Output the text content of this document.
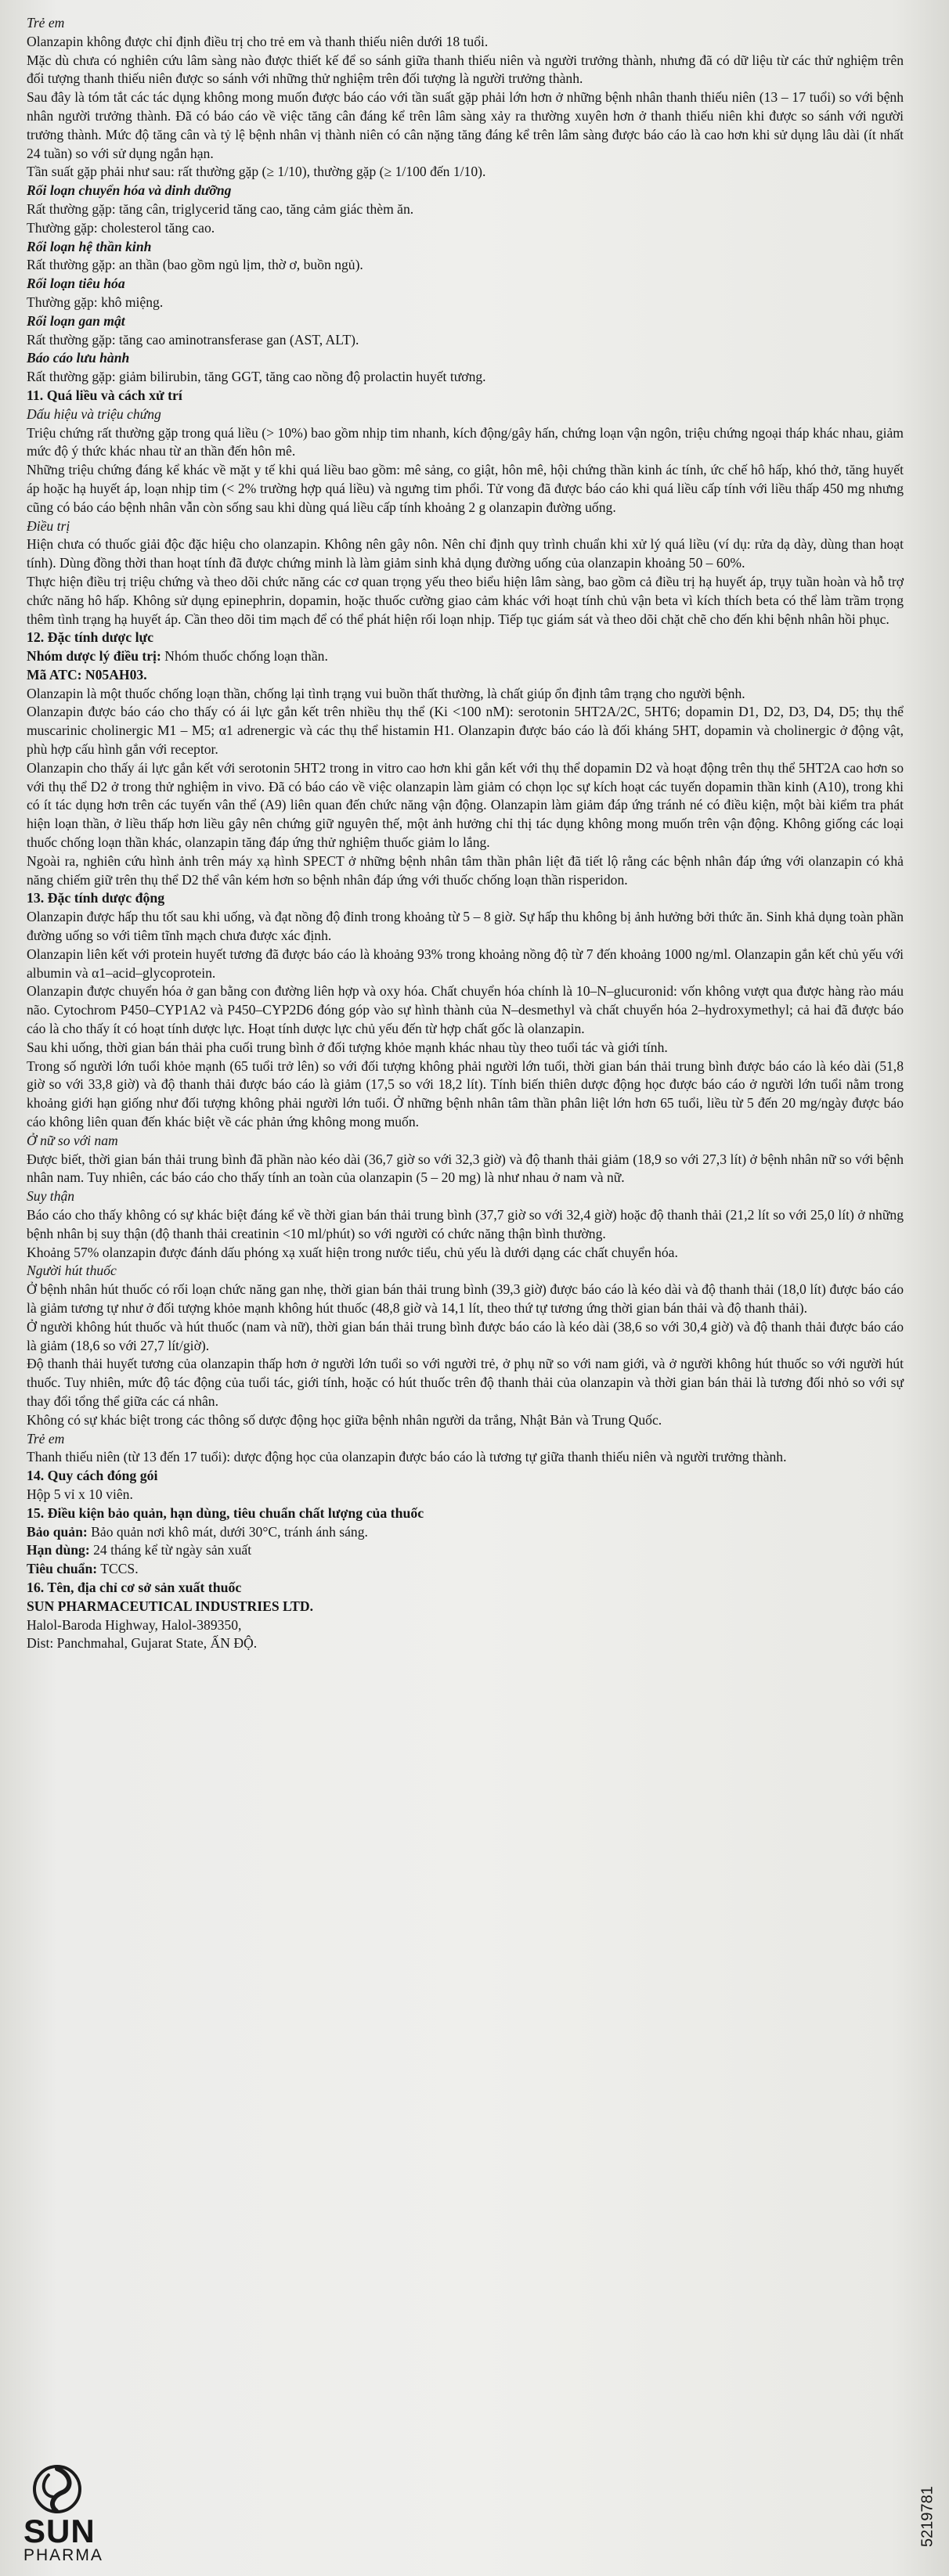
Trẻ em

Olanzapin không được chỉ định điều trị cho trẻ em và thanh thiếu niên dưới 18 tuổi.

Mặc dù chưa có nghiên cứu lâm sàng nào được thiết kế để so sánh giữa thanh thiếu niên và người trưởng thành, nhưng đã có dữ liệu từ các thử nghiệm trên đối tượng thanh thiếu niên được so sánh với những thử nghiệm trên đối tượng là người trưởng thành.

Sau đây là tóm tắt các tác dụng không mong muốn được báo cáo với tần suất gặp phải lớn hơn ở những bệnh nhân thanh thiếu niên (13 – 17 tuổi) so với bệnh nhân người trưởng thành. Đã có báo cáo về việc tăng cân đáng kể trên lâm sàng xảy ra thường xuyên hơn ở thanh thiếu niên khi được so sánh với người trưởng thành. Mức độ tăng cân và tỷ lệ bệnh nhân vị thành niên có cân nặng tăng đáng kể trên lâm sàng được báo cáo là cao hơn khi sử dụng lâu dài (ít nhất 24 tuần) so với sử dụng ngắn hạn.

Tần suất gặp phải như sau: rất thường gặp (≥ 1/10), thường gặp (≥ 1/100 đến 1/10).

Rối loạn chuyển hóa và dinh dưỡng

Rất thường gặp: tăng cân, triglycerid tăng cao, tăng cảm giác thèm ăn.

Thường gặp: cholesterol tăng cao.

Rối loạn hệ thần kinh

Rất thường gặp: an thần (bao gồm ngủ lịm, thờ ơ, buồn ngủ).

Rối loạn tiêu hóa

Thường gặp: khô miệng.

Rối loạn gan mật

Rất thường gặp: tăng cao aminotransferase gan (AST, ALT).

Báo cáo lưu hành

Rất thường gặp: giảm bilirubin, tăng GGT, tăng cao nồng độ prolactin huyết tương.

11. Quá liều và cách xử trí
Dấu hiệu và triệu chứng

Triệu chứng rất thường gặp trong quá liều (> 10%) bao gồm nhịp tim nhanh, kích động/gây hấn, chứng loạn vận ngôn, triệu chứng ngoại tháp khác nhau, giảm mức độ ý thức khác nhau từ an thần đến hôn mê.

Những triệu chứng đáng kể khác về mặt y tế khi quá liều bao gồm: mê sảng, co giật, hôn mê, hội chứng thần kinh ác tính, ức chế hô hấp, khó thở, tăng huyết áp hoặc hạ huyết áp, loạn nhịp tim (< 2% trường hợp quá liều) và ngưng tim phổi. Tử vong đã được báo cáo khi quá liều cấp tính với liều thấp 450 mg nhưng cũng có báo cáo bệnh nhân vẫn còn sống sau khi dùng quá liều cấp tính khoảng 2 g olanzapin đường uống.

Điều trị

Hiện chưa có thuốc giải độc đặc hiệu cho olanzapin. Không nên gây nôn. Nên chỉ định quy trình chuẩn khi xử lý quá liều (ví dụ: rửa dạ dày, dùng than hoạt tính). Dùng đồng thời than hoạt tính đã được chứng minh là làm giảm sinh khả dụng đường uống của olanzapin khoảng 50 – 60%.

Thực hiện điều trị triệu chứng và theo dõi chức năng các cơ quan trọng yếu theo biểu hiện lâm sàng, bao gồm cả điều trị hạ huyết áp, trụy tuần hoàn và hỗ trợ chức năng hô hấp. Không sử dụng epinephrin, dopamin, hoặc thuốc cường giao cảm khác với hoạt tính chủ vận beta vì kích thích beta có thể làm trầm trọng thêm tình trạng hạ huyết áp. Cần theo dõi tim mạch để có thể phát hiện rối loạn nhịp. Tiếp tục giám sát và theo dõi chặt chẽ cho đến khi bệnh nhân hồi phục.

12. Đặc tính dược lực

Nhóm dược lý điều trị: Nhóm thuốc chống loạn thần.

Mã ATC: N05AH03.

Olanzapin là một thuốc chống loạn thần, chống lại tình trạng vui buồn thất thường, là chất giúp ổn định tâm trạng cho người bệnh.

Olanzapin được báo cáo cho thấy có ái lực gắn kết trên nhiều thụ thể (Ki <100 nM): serotonin 5HT2A/2C, 5HT6; dopamin D1, D2, D3, D4, D5; thụ thể muscarinic cholinergic M1 – M5; α1 adrenergic và các thụ thể histamin H1. Olanzapin được báo cáo là đối kháng 5HT, dopamin và cholinergic ở động vật, phù hợp cấu hình gắn với receptor.

Olanzapin cho thấy ái lực gắn kết với serotonin 5HT2 trong in vitro cao hơn khi gắn kết với thụ thể dopamin D2 và hoạt động trên thụ thể 5HT2A cao hơn so với thụ thể D2 ở trong thử nghiệm in vivo. Đã có báo cáo về việc olanzapin làm giảm có chọn lọc sự kích hoạt các tuyến dopamin thần kinh (A10), trong khi có ít tác dụng hơn trên các tuyến vân thể (A9) liên quan đến chức năng vận động. Olanzapin làm giảm đáp ứng tránh né có điều kiện, một bài kiểm tra phát hiện loạn thần, ở liều thấp hơn liều gây nên chứng giữ nguyên thế, một ảnh hưởng chỉ thị tác dụng không mong muốn trên vận động. Không giống các loại thuốc chống loạn thần khác, olanzapin tăng đáp ứng thử nghiệm thuốc giảm lo lắng.

Ngoài ra, nghiên cứu hình ảnh trên máy xạ hình SPECT ở những bệnh nhân tâm thần phân liệt đã tiết lộ rằng các bệnh nhân đáp ứng với olanzapin có khả năng chiếm giữ trên thụ thể D2 thể vân kém hơn so bệnh nhân đáp ứng với thuốc chống loạn thần risperidon.

13. Đặc tính dược động

Olanzapin được hấp thu tốt sau khi uống, và đạt nồng độ đỉnh trong khoảng từ 5 – 8 giờ. Sự hấp thu không bị ảnh hưởng bởi thức ăn. Sinh khả dụng toàn phần đường uống so với tiêm tĩnh mạch chưa được xác định.

Olanzapin liên kết với protein huyết tương đã được báo cáo là khoảng 93% trong khoảng nồng độ từ 7 đến khoảng 1000 ng/ml. Olanzapin gắn kết chủ yếu với albumin và α1–acid–glycoprotein.

Olanzapin được chuyển hóa ở gan bằng con đường liên hợp và oxy hóa. Chất chuyển hóa chính là 10–N–glucuronid: vốn không vượt qua được hàng rào máu não. Cytochrom P450–CYP1A2 và P450–CYP2D6 đóng góp vào sự hình thành của N–desmethyl và chất chuyển hóa 2–hydroxymethyl; cả hai đã được báo cáo là cho thấy ít có hoạt tính dược lực. Hoạt tính dược lực chủ yếu đến từ hợp chất gốc là olanzapin.

Sau khi uống, thời gian bán thải pha cuối trung bình ở đối tượng khỏe mạnh khác nhau tùy theo tuổi tác và giới tính.

Trong số người lớn tuổi khỏe mạnh (65 tuổi trở lên) so với đối tượng không phải người lớn tuổi, thời gian bán thải trung bình được báo cáo là kéo dài (51,8 giờ so với 33,8 giờ) và độ thanh thải được báo cáo là giảm (17,5 so với 18,2 lít). Tính biến thiên dược động học được báo cáo ở người lớn tuổi nằm trong khoảng giới hạn giống như đối tượng không phải người lớn tuổi. Ở những bệnh nhân tâm thần phân liệt lớn hơn 65 tuổi, liều từ 5 đến 20 mg/ngày được báo cáo không liên quan đến khác biệt về các phản ứng không mong muốn.

Ở nữ so với nam

Được biết, thời gian bán thải trung bình đã phần nào kéo dài (36,7 giờ so với 32,3 giờ) và độ thanh thải giảm (18,9 so với 27,3 lít) ở bệnh nhân nữ so với bệnh nhân nam. Tuy nhiên, các báo cáo cho thấy tính an toàn của olanzapin (5 – 20 mg) là như nhau ở nam và nữ.

Suy thận

Báo cáo cho thấy không có sự khác biệt đáng kể về thời gian bán thải trung bình (37,7 giờ so với 32,4 giờ) hoặc độ thanh thải (21,2 lít so với 25,0 lít) ở những bệnh nhân bị suy thận (độ thanh thải creatinin <10 ml/phút) so với người có chức năng thận bình thường.

Khoảng 57% olanzapin được đánh dấu phóng xạ xuất hiện trong nước tiểu, chủ yếu là dưới dạng các chất chuyển hóa.

Người hút thuốc

Ở bệnh nhân hút thuốc có rối loạn chức năng gan nhẹ, thời gian bán thải trung bình (39,3 giờ) được báo cáo là kéo dài và độ thanh thải (18,0 lít) được báo cáo là giảm tương tự như ở đối tượng khỏe mạnh không hút thuốc (48,8 giờ và 14,1 lít, theo thứ tự tương ứng thời gian bán thải và độ thanh thải).

Ở người không hút thuốc và hút thuốc (nam và nữ), thời gian bán thải trung bình được báo cáo là kéo dài (38,6 so với 30,4 giờ) và độ thanh thải được báo cáo là giảm (18,6 so với 27,7 lít/giờ).

Độ thanh thải huyết tương của olanzapin thấp hơn ở người lớn tuổi so với người trẻ, ở phụ nữ so với nam giới, và ở người không hút thuốc so với người hút thuốc. Tuy nhiên, mức độ tác động của tuổi tác, giới tính, hoặc có hút thuốc trên độ thanh thải của olanzapin và thời gian bán thải là tương đối nhỏ so với sự thay đổi tổng thể giữa các cá nhân.

Không có sự khác biệt trong các thông số dược động học giữa bệnh nhân người da trắng, Nhật Bản và Trung Quốc.

Trẻ em

Thanh thiếu niên (từ 13 đến 17 tuổi): dược động học của olanzapin được báo cáo là tương tự giữa thanh thiếu niên và người trưởng thành.

14. Quy cách đóng gói

Hộp 5 vỉ x 10 viên.

15. Điều kiện bảo quản, hạn dùng, tiêu chuẩn chất lượng của thuốc

Bảo quản: Bảo quản nơi khô mát, dưới 30°C, tránh ánh sáng.

Hạn dùng: 24 tháng kể từ ngày sản xuất

Tiêu chuẩn: TCCS.

16. Tên, địa chỉ cơ sở sản xuất thuốc

SUN PHARMACEUTICAL INDUSTRIES LTD.

Halol-Baroda Highway, Halol-389350,

Dist: Panchmahal, Gujarat State, ẤN ĐỘ.

SUN
PHARMA
5219781
